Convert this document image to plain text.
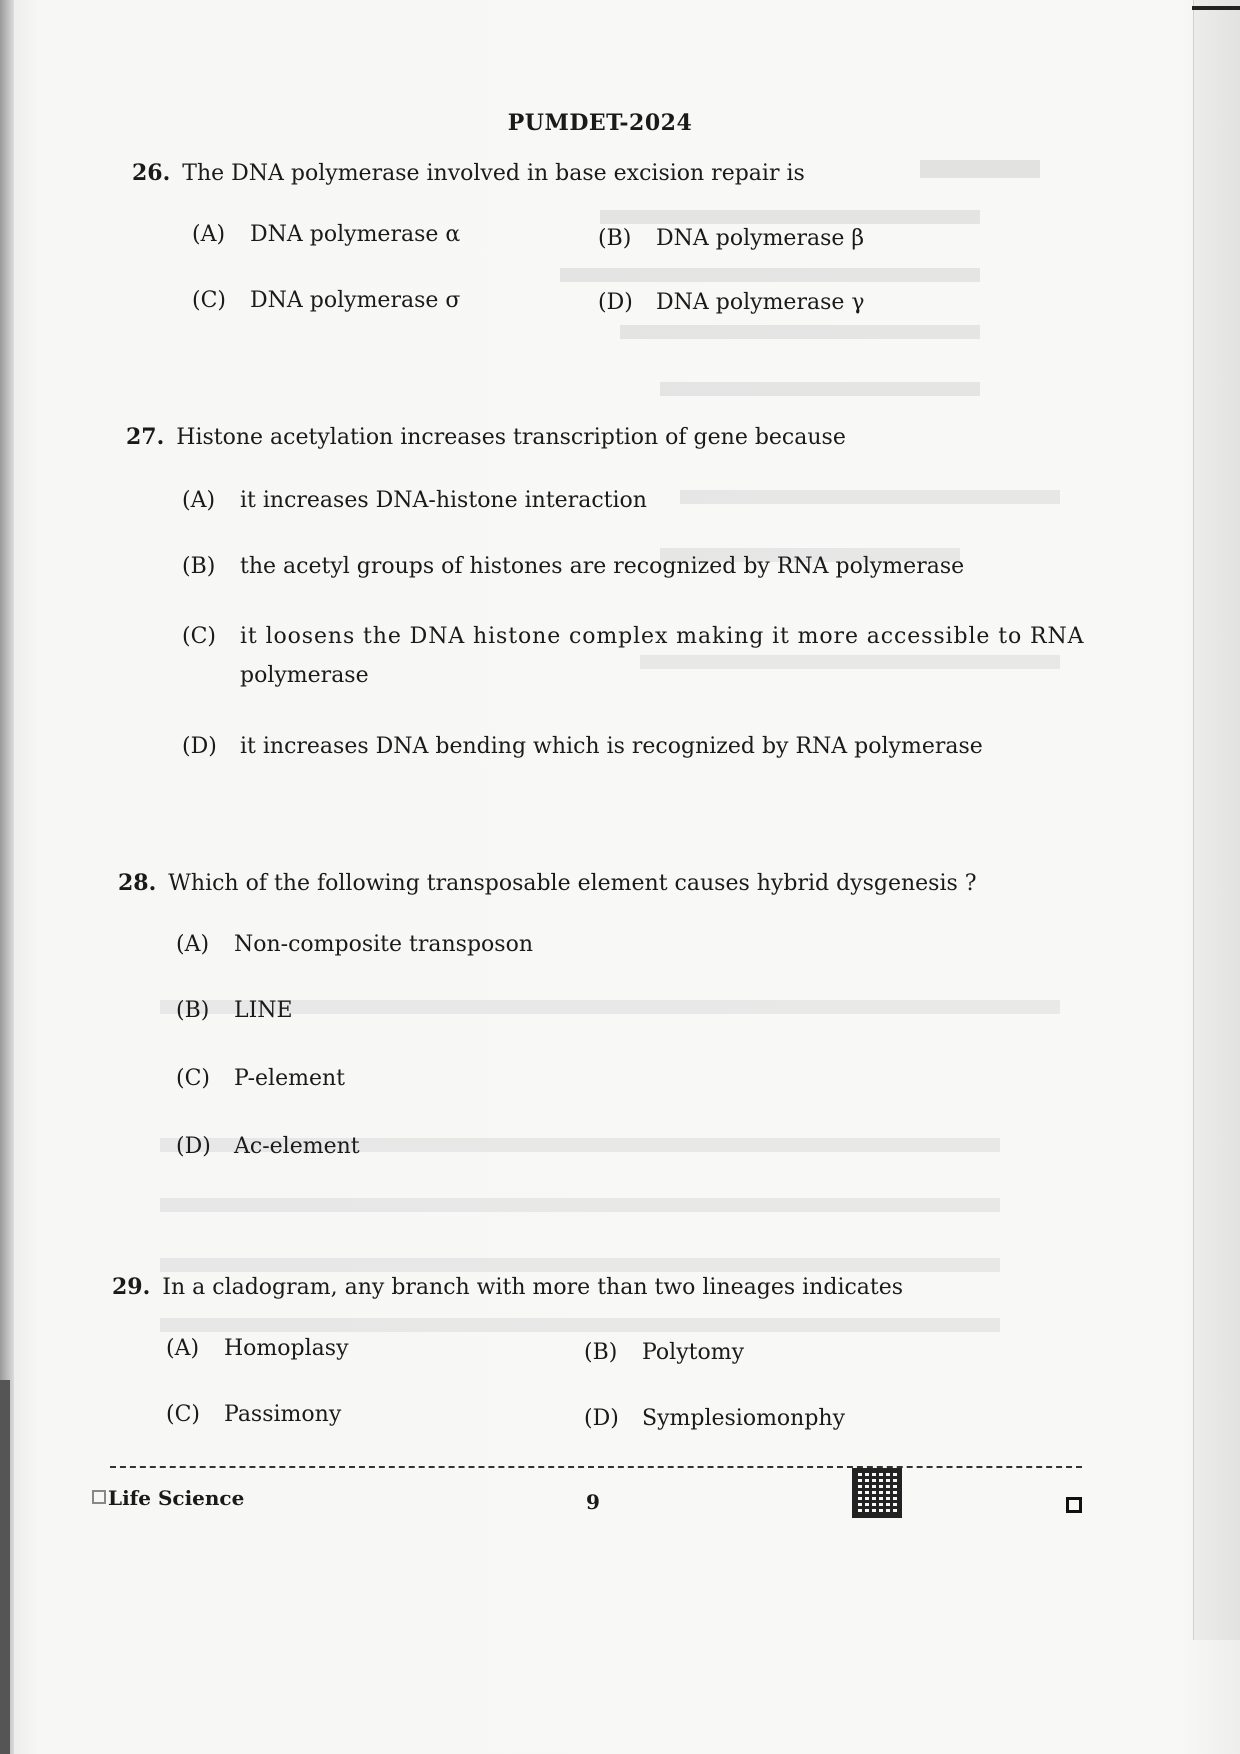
PUMDET-2024
26. The DNA polymerase involved in base excision repair is
(A) DNA polymerase α	(B) DNA polymerase β
(C) DNA polymerase σ	(D) DNA polymerase γ
27. Histone acetylation increases transcription of gene because
(A) it increases DNA-histone interaction
(B) the acetyl groups of histones are recognized by RNA polymerase
(C) it loosens the DNA histone complex making it more accessible to RNA
polymerase
(D) it increases DNA bending which is recognized by RNA polymerase
28. Which of the following transposable element causes hybrid dysgenesis ?
(A) Non-composite transposon
(B) LINE
(C) P-element
(D) Ac-element
29. In a cladogram, any branch with more than two lineages indicates
(A) Homoplasy	(B) Polytomy
(C) Passimony	(D) Symplesiomonphy
Life Science	9
